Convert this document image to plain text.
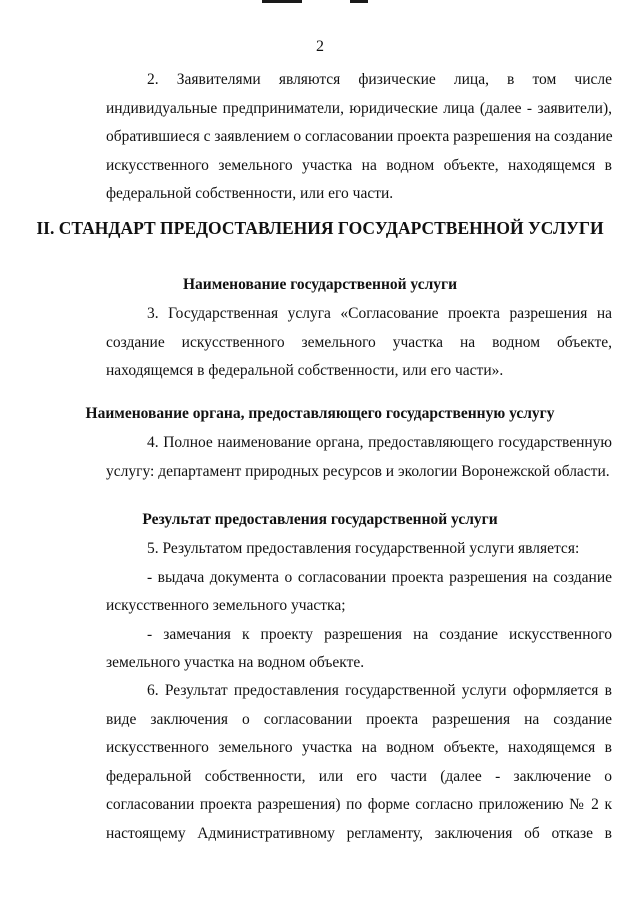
2
2. Заявителями являются физические лица, в том числе
индивидуальные предприниматели, юридические лица (далее - заявители),
обратившиеся с заявлением о согласовании проекта разрешения на создание
искусственного земельного участка на водном объекте, находящемся в
федеральной собственности, или его части.
II. СТАНДАРТ ПРЕДОСТАВЛЕНИЯ ГОСУДАРСТВЕННОЙ УСЛУГИ
Наименование государственной услуги
3. Государственная услуга «Согласование проекта разрешения на
создание искусственного земельного участка на водном объекте,
находящемся в федеральной собственности, или его части».
Наименование органа, предоставляющего государственную услугу
4. Полное наименование органа, предоставляющего государственную
услугу: департамент природных ресурсов и экологии Воронежской области.
Результат предоставления государственной услуги
5. Результатом предоставления государственной услуги является:
- выдача документа о согласовании проекта разрешения на создание
искусственного земельного участка;
- замечания к проекту разрешения на создание искусственного
земельного участка на водном объекте.
6. Результат предоставления государственной услуги оформляется в
виде заключения о согласовании проекта разрешения на создание
искусственного земельного участка на водном объекте, находящемся в
федеральной собственности, или его части (далее - заключение о
согласовании проекта разрешения) по форме согласно приложению № 2 к
настоящему Административному регламенту, заключения об отказе в
